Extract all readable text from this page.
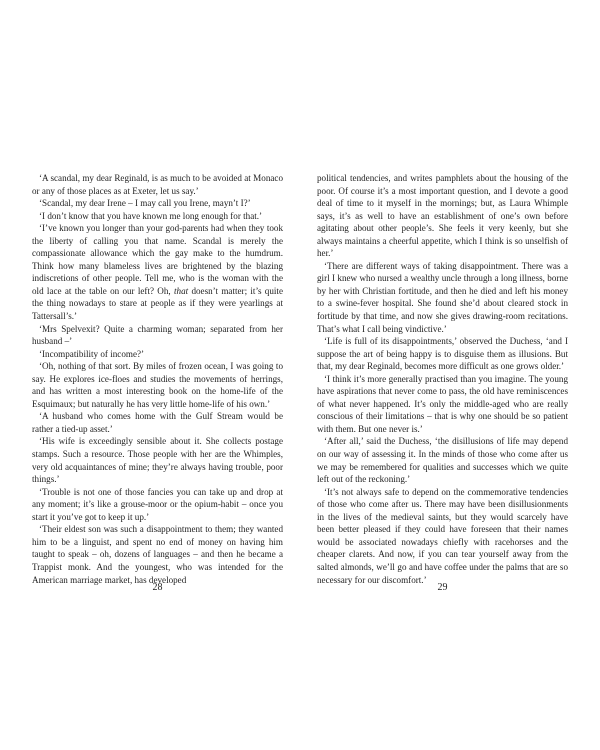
‘A scandal, my dear Reginald, is as much to be avoided at Monaco or any of those places as at Exeter, let us say.’

‘Scandal, my dear Irene – I may call you Irene, mayn’t I?’

‘I don’t know that you have known me long enough for that.’

‘I’ve known you longer than your god-parents had when they took the liberty of calling you that name. Scandal is merely the compassionate allowance which the gay make to the humdrum. Think how many blameless lives are brightened by the blazing indiscretions of other people. Tell me, who is the woman with the old lace at the table on our left? Oh, that doesn’t matter; it’s quite the thing nowadays to stare at people as if they were yearlings at Tattersall’s.’

‘Mrs Spelvexit? Quite a charming woman; separated from her husband –’

‘Incompatibility of income?’

‘Oh, nothing of that sort. By miles of frozen ocean, I was going to say. He explores ice-floes and studies the movements of herrings, and has written a most interesting book on the home-life of the Esquimaux; but naturally he has very little home-life of his own.’

‘A husband who comes home with the Gulf Stream would be rather a tied-up asset.’

‘His wife is exceedingly sensible about it. She collects postage stamps. Such a resource. Those people with her are the Whimples, very old acquaintances of mine; they’re always having trouble, poor things.’

‘Trouble is not one of those fancies you can take up and drop at any moment; it’s like a grouse-moor or the opium-habit – once you start it you’ve got to keep it up.’

‘Their eldest son was such a disappointment to them; they wanted him to be a linguist, and spent no end of money on having him taught to speak – oh, dozens of languages – and then he became a Trappist monk. And the youngest, who was intended for the American marriage market, has developed

28

political tendencies, and writes pamphlets about the housing of the poor. Of course it’s a most important question, and I devote a good deal of time to it myself in the mornings; but, as Laura Whimple says, it’s as well to have an establishment of one’s own before agitating about other people’s. She feels it very keenly, but she always maintains a cheerful appetite, which I think is so unselfish of her.’

‘There are different ways of taking disappointment. There was a girl I knew who nursed a wealthy uncle through a long illness, borne by her with Christian fortitude, and then he died and left his money to a swine-fever hospital. She found she’d about cleared stock in fortitude by that time, and now she gives drawing-room recitations. That’s what I call being vindictive.’

‘Life is full of its disappointments,’ observed the Duchess, ‘and I suppose the art of being happy is to disguise them as illusions. But that, my dear Reginald, becomes more difficult as one grows older.’

‘I think it’s more generally practised than you imagine. The young have aspirations that never come to pass, the old have reminiscences of what never happened. It’s only the middle-aged who are really conscious of their limitations – that is why one should be so patient with them. But one never is.’

‘After all,’ said the Duchess, ‘the disillusions of life may depend on our way of assessing it. In the minds of those who come after us we may be remembered for qualities and successes which we quite left out of the reckoning.’

‘It’s not always safe to depend on the commemorative tendencies of those who come after us. There may have been disillusionments in the lives of the medieval saints, but they would scarcely have been better pleased if they could have foreseen that their names would be associated nowadays chiefly with racehorses and the cheaper clarets. And now, if you can tear yourself away from the salted almonds, we’ll go and have coffee under the palms that are so necessary for our discomfort.’

29
